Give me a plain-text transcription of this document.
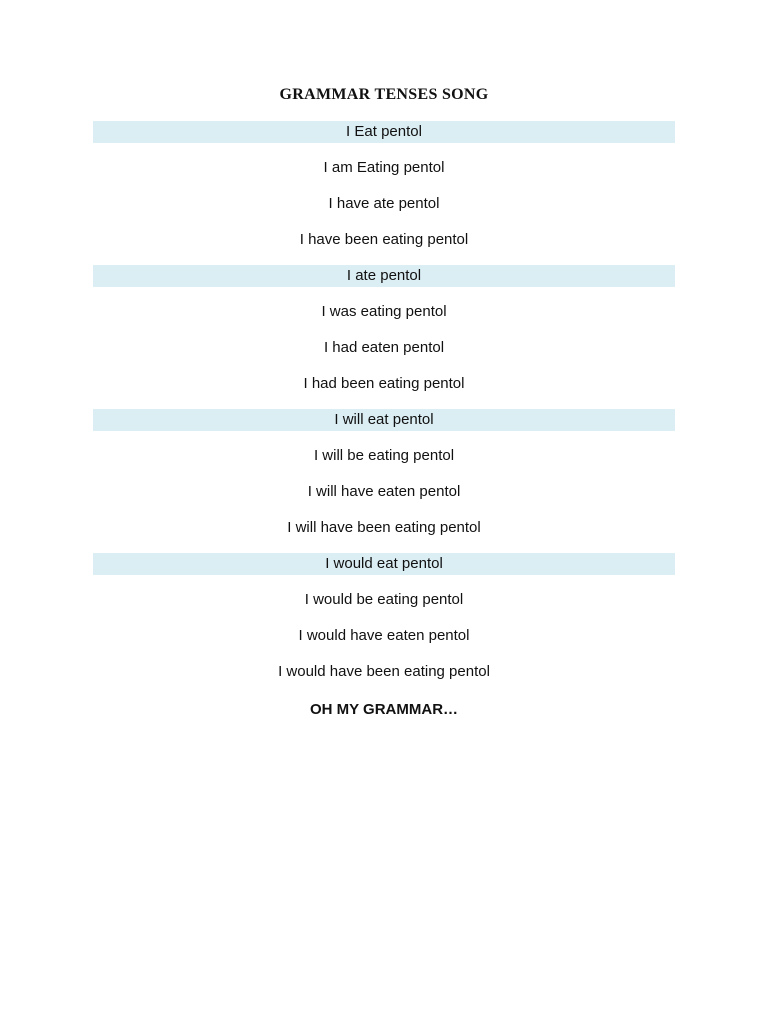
GRAMMAR TENSES SONG
I Eat pentol
I am Eating pentol
I have ate pentol
I have been eating pentol
I ate pentol
I was eating pentol
I had eaten pentol
I had been eating pentol
I will eat pentol
I will be eating pentol
I will have eaten pentol
I will have been eating pentol
I would eat pentol
I would be eating pentol
I would have eaten pentol
I would have been eating pentol
OH MY GRAMMAR…
